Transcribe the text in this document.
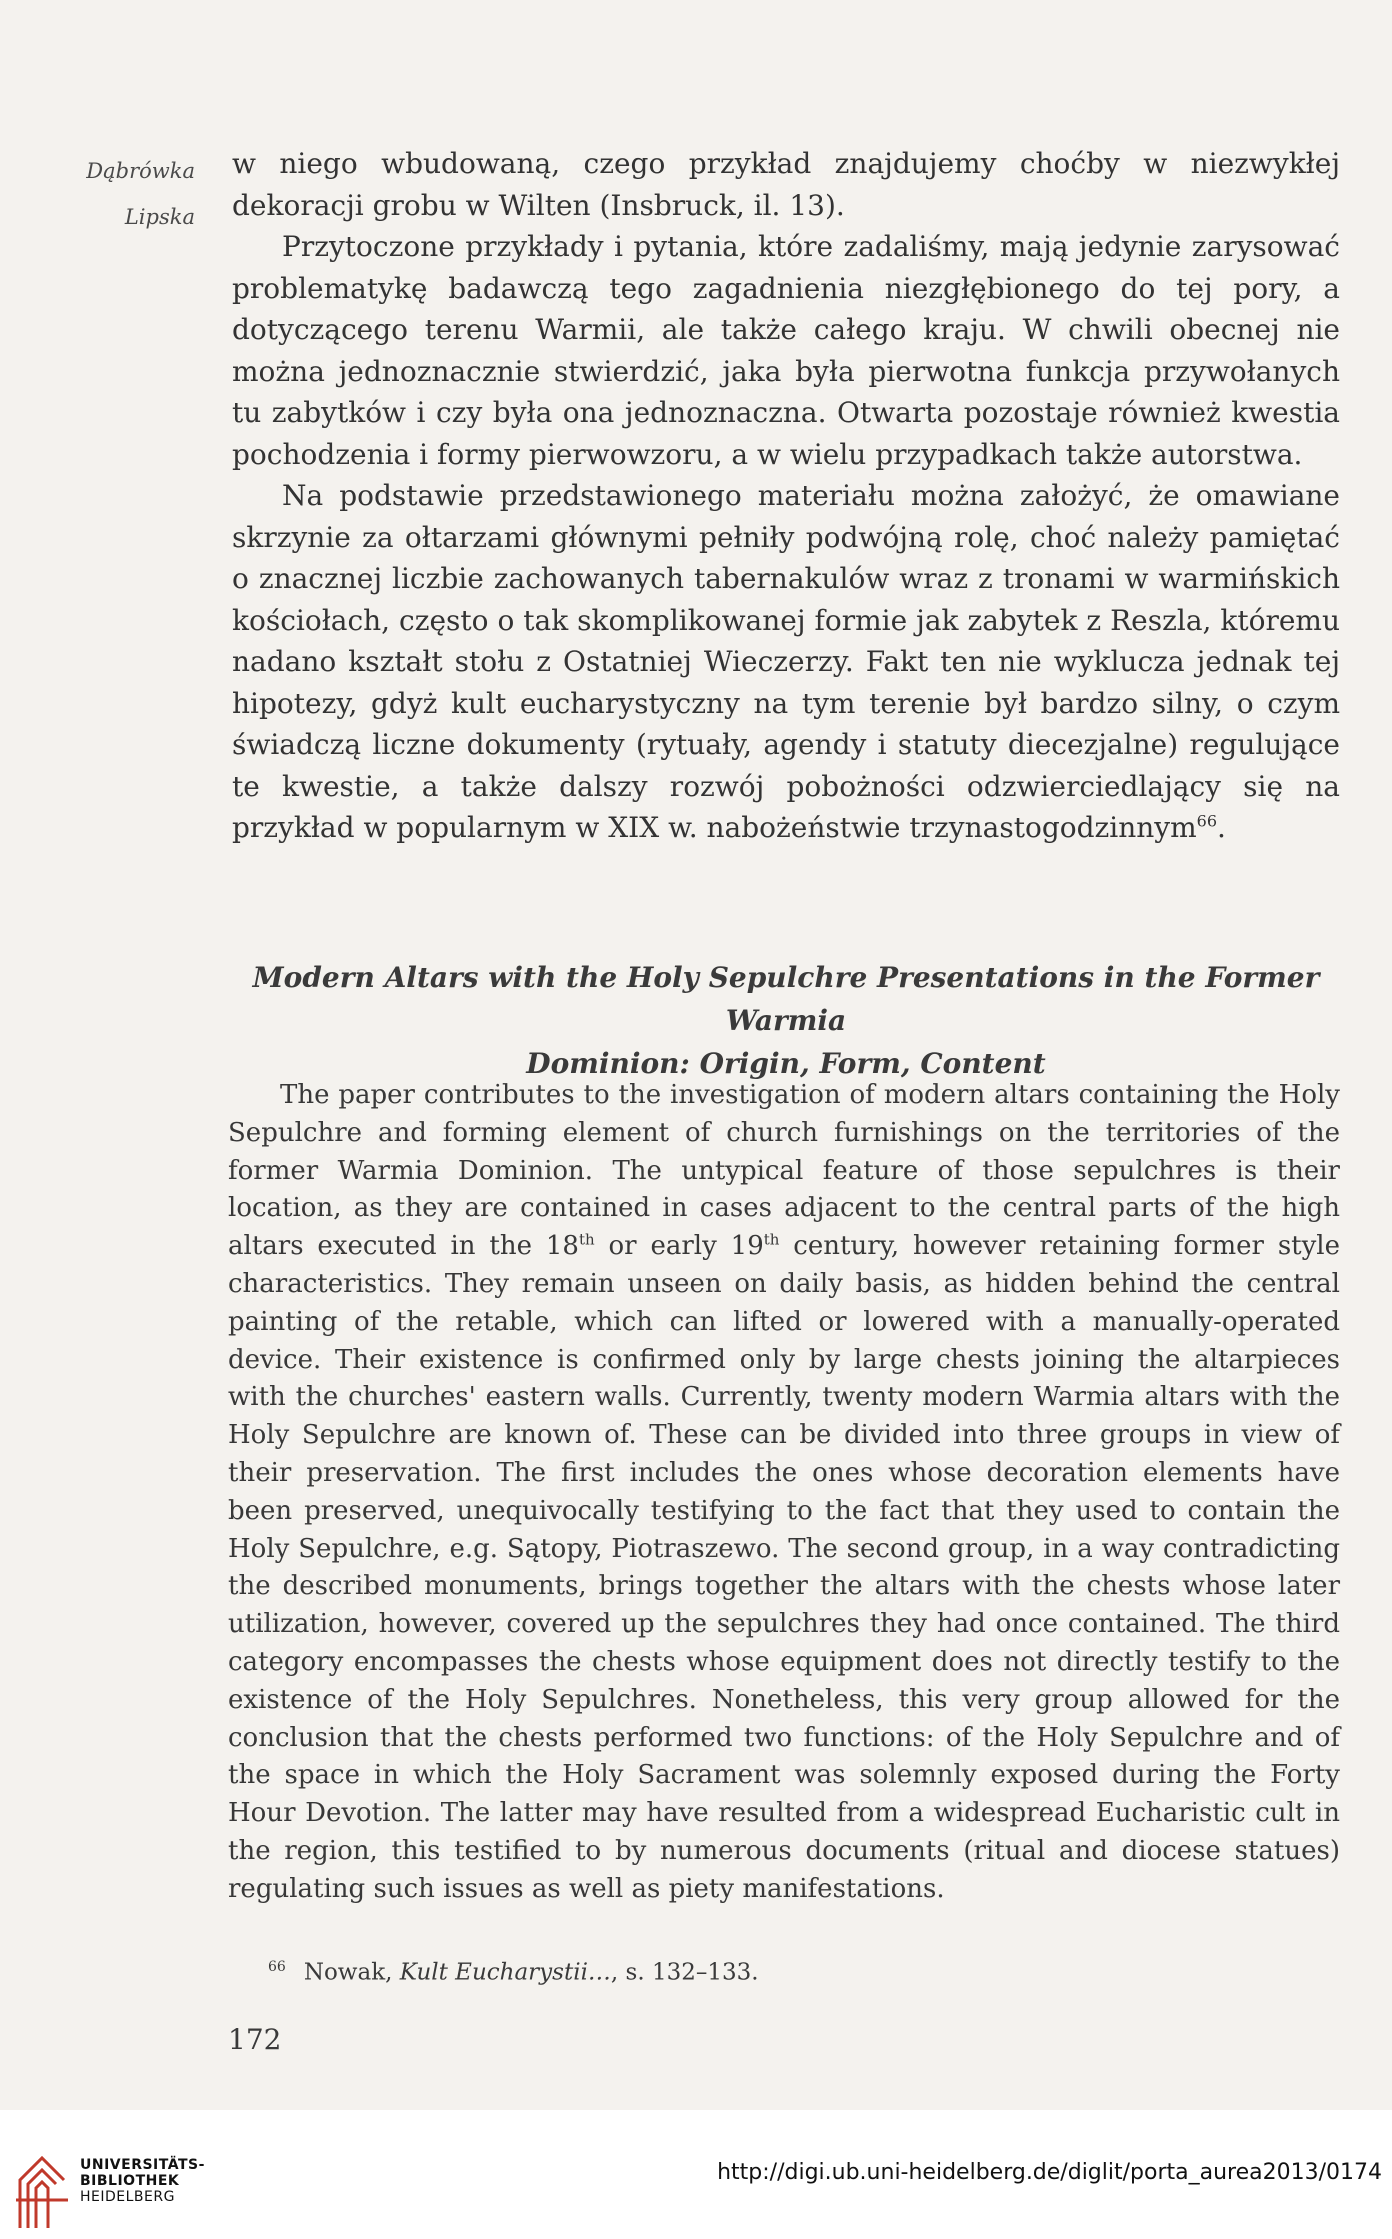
Dąbrówka
Lipska

w niego wbudowaną, czego przykład znajdujemy choćby w niezwykłej dekoracji grobu w Wilten (Insbruck, il. 13).

Przytoczone przykłady i pytania, które zadaliśmy, mają jedynie zarysować problematykę badawczą tego zagadnienia niezgłębionego do tej pory, a dotyczącego terenu Warmii, ale także całego kraju. W chwili obecnej nie można jednoznacznie stwierdzić, jaka była pierwotna funkcja przywołanych tu zabytków i czy była ona jednoznaczna. Otwarta pozostaje również kwestia pochodzenia i formy pierwowzoru, a w wielu przypadkach także autorstwa.

Na podstawie przedstawionego materiału można założyć, że omawiane skrzynie za ołtarzami głównymi pełniły podwójną rolę, choć należy pamiętać o znacznej liczbie zachowanych tabernakulów wraz z tronami w warmińskich kościołach, często o tak skomplikowanej formie jak zabytek z Reszla, któremu nadano kształt stołu z Ostatniej Wieczerzy. Fakt ten nie wyklucza jednak tej hipotezy, gdyż kult eucharystyczny na tym terenie był bardzo silny, o czym świadczą liczne dokumenty (rytuały, agendy i statuty diecezjalne) regulujące te kwestie, a także dalszy rozwój pobożności odzwierciedlający się na przykład w popularnym w XIX w. nabożeństwie trzynastogodzinnym$^{66}$.

Modern Altars with the Holy Sepulchre Presentations in the Former Warmia
Dominion: Origin, Form, Content

The paper contributes to the investigation of modern altars containing the Holy Sepulchre and forming element of church furnishings on the territories of the former Warmia Dominion. The untypical feature of those sepulchres is their location, as they are contained in cases adjacent to the central parts of the high altars executed in the 18th or early 19th century, however retaining former style characteristics. They remain unseen on daily basis, as hidden behind the central painting of the retable, which can lifted or lowered with a manually-operated device. Their existence is confirmed only by large chests joining the altarpieces with the churches' eastern walls. Currently, twenty modern Warmia altars with the Holy Sepulchre are known of. These can be divided into three groups in view of their preservation. The first includes the ones whose decoration elements have been preserved, unequivocally testifying to the fact that they used to contain the Holy Sepulchre, e.g. Sątopy, Piotraszewo. The second group, in a way contradicting the described monuments, brings together the altars with the chests whose later utilization, however, covered up the sepulchres they had once contained. The third category encompasses the chests whose equipment does not directly testify to the existence of the Holy Sepulchres. Nonetheless, this very group allowed for the conclusion that the chests performed two functions: of the Holy Sepulchre and of the space in which the Holy Sacrament was solemnly exposed during the Forty Hour Devotion. The latter may have resulted from a widespread Eucharistic cult in the region, this testified to by numerous documents (ritual and diocese statues) regulating such issues as well as piety manifestations.

$^{66}$ Nowak, Kult Eucharystii…, s. 132–133.
172
UNIVERSITÄTS-
BIBLIOTHEK
HEIDELBERG
http://digi.ub.uni-heidelberg.de/diglit/porta_aurea2013/0174
